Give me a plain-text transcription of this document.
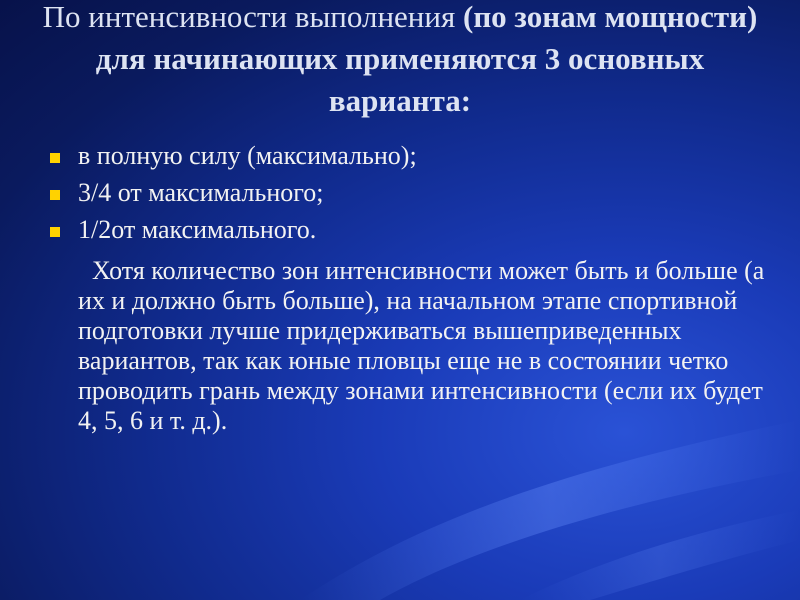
По интенсивности выполнения (по зонам мощности) для начинающих применяются 3 основных варианта:
в полную силу (максимально);
3/4 от максимального;
1/2от максимального.

Хотя количество зон интенсивности может быть и больше (а их и должно быть больше), на начальном этапе спортивной подготовки лучше придерживаться вышеприведенных вариантов, так как юные пловцы еще не в состоянии четко проводить грань между зонами интенсивности (если их будет 4, 5, 6 и т. д.).
